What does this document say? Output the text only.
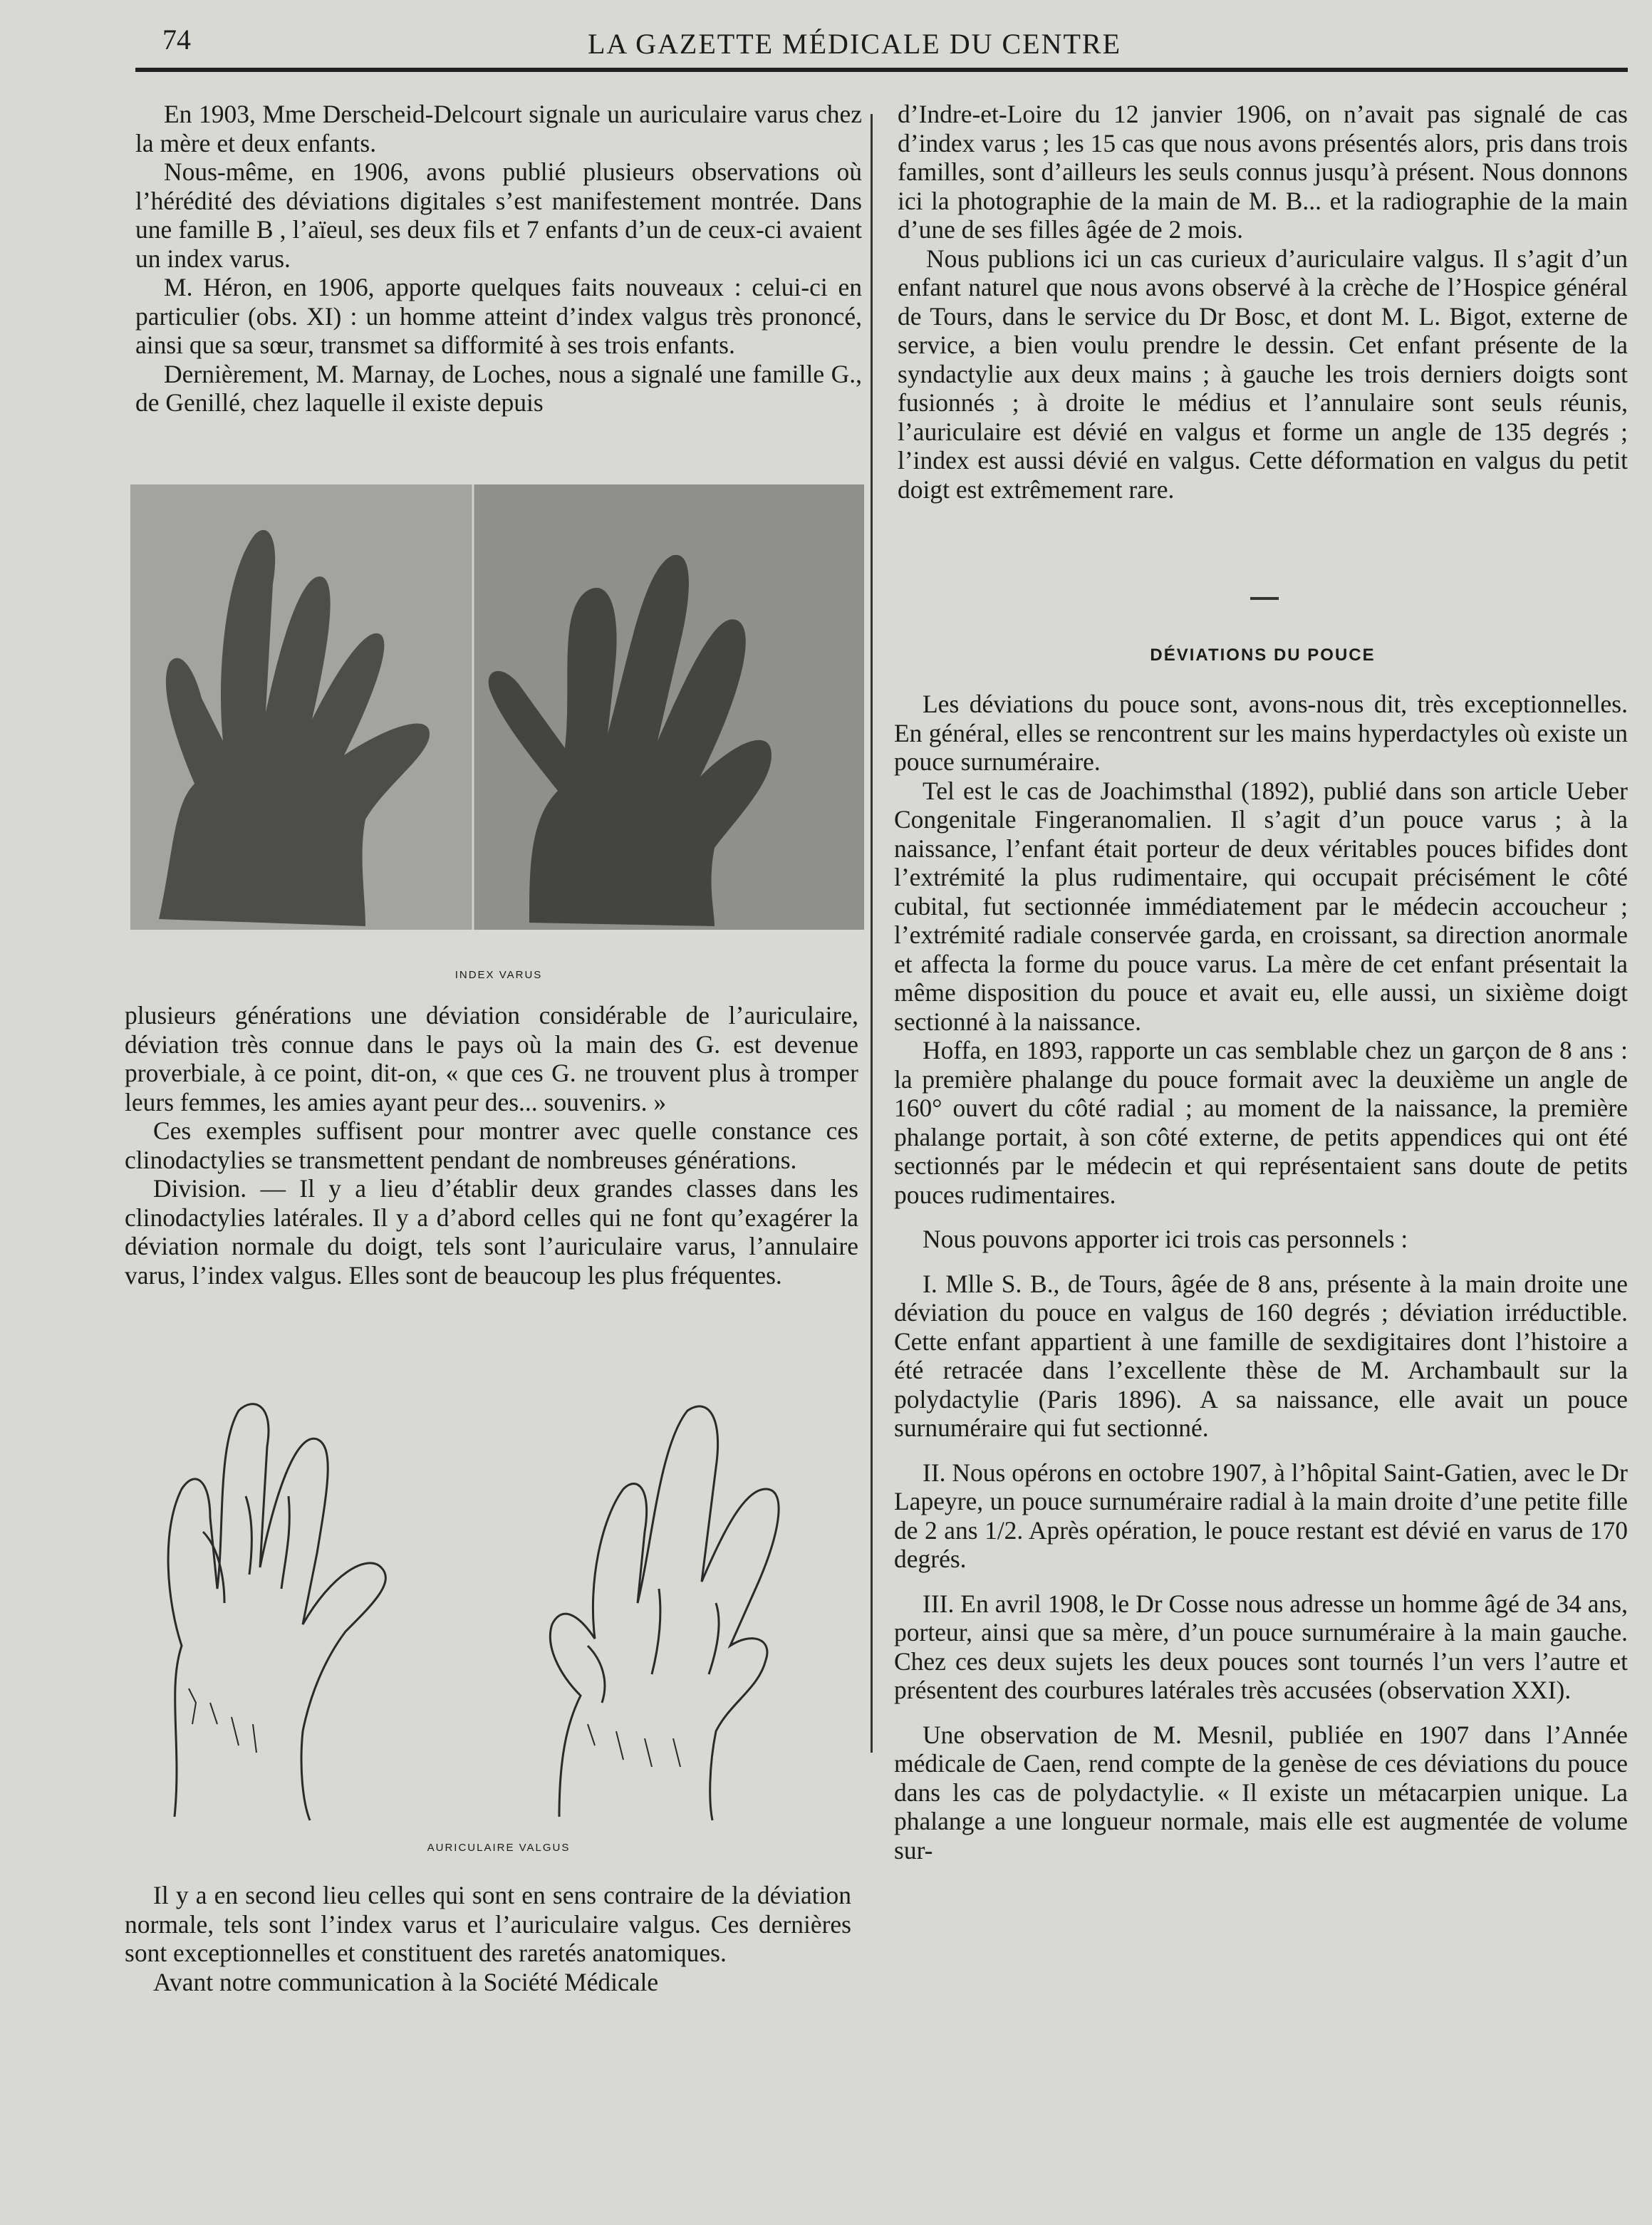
74	LA GAZETTE MÉDICALE DU CENTRE

En 1903, Mme Derscheid-Delcourt signale un auriculaire varus chez la mère et deux enfants.

Nous-même, en 1906, avons publié plusieurs observations où l’hérédité des déviations digitales s’est manifestement montrée. Dans une famille B , l’aïeul, ses deux fils et 7 enfants d’un de ceux-ci avaient un index varus.

M. Héron, en 1906, apporte quelques faits nouveaux : celui-ci en particulier (obs. XI) : un homme atteint d’index valgus très prononcé, ainsi que sa sœur, transmet sa difformité à ses trois enfants.

Dernièrement, M. Marnay, de Loches, nous a signalé une famille G., de Genillé, chez laquelle il existe depuis

INDEX VARUS

plusieurs générations une déviation considérable de l’auriculaire, déviation très connue dans le pays où la main des G. est devenue proverbiale, à ce point, dit-on, « que ces G. ne trouvent plus à tromper leurs femmes, les amies ayant peur des... souvenirs. »

Ces exemples suffisent pour montrer avec quelle constance ces clinodactylies se transmettent pendant de nombreuses générations.

Division. — Il y a lieu d’établir deux grandes classes dans les clinodactylies latérales. Il y a d’abord celles qui ne font qu’exagérer la déviation normale du doigt, tels sont l’auriculaire varus, l’annulaire varus, l’index valgus. Elles sont de beaucoup les plus fréquentes.

AURICULAIRE VALGUS

Il y a en second lieu celles qui sont en sens contraire de la déviation normale, tels sont l’index varus et l’auriculaire valgus. Ces dernières sont exceptionnelles et constituent des raretés anatomiques.

Avant notre communication à la Société Médicale

d’Indre-et-Loire du 12 janvier 1906, on n’avait pas signalé de cas d’index varus ; les 15 cas que nous avons présentés alors, pris dans trois familles, sont d’ailleurs les seuls connus jusqu’à présent. Nous donnons ici la photographie de la main de M. B... et la radiographie de la main d’une de ses filles âgée de 2 mois.

Nous publions ici un cas curieux d’auriculaire valgus. Il s’agit d’un enfant naturel que nous avons observé à la crèche de l’Hospice général de Tours, dans le service du Dr Bosc, et dont M. L. Bigot, externe de service, a bien voulu prendre le dessin. Cet enfant présente de la syndactylie aux deux mains ; à gauche les trois derniers doigts sont fusionnés ; à droite le médius et l’annulaire sont seuls réunis, l’auriculaire est dévié en valgus et forme un angle de 135 degrés ; l’index est aussi dévié en valgus. Cette déformation en valgus du petit doigt est extrêmement rare.

DÉVIATIONS DU POUCE

Les déviations du pouce sont, avons-nous dit, très exceptionnelles. En général, elles se rencontrent sur les mains hyperdactyles où existe un pouce surnuméraire.

Tel est le cas de Joachimsthal (1892), publié dans son article Ueber Congenitale Fingeranomalien. Il s’agit d’un pouce varus ; à la naissance, l’enfant était porteur de deux véritables pouces bifides dont l’extrémité la plus rudimentaire, qui occupait précisément le côté cubital, fut sectionnée immédiatement par le médecin accoucheur ; l’extrémité radiale conservée garda, en croissant, sa direction anormale et affecta la forme du pouce varus. La mère de cet enfant présentait la même disposition du pouce et avait eu, elle aussi, un sixième doigt sectionné à la naissance.

Hoffa, en 1893, rapporte un cas semblable chez un garçon de 8 ans : la première phalange du pouce formait avec la deuxième un angle de 160° ouvert du côté radial ; au moment de la naissance, la première phalange portait, à son côté externe, de petits appendices qui ont été sectionnés par le médecin et qui représentaient sans doute de petits pouces rudimentaires.

Nous pouvons apporter ici trois cas personnels :

I. Mlle S. B., de Tours, âgée de 8 ans, présente à la main droite une déviation du pouce en valgus de 160 degrés ; déviation irréductible. Cette enfant appartient à une famille de sexdigitaires dont l’histoire a été retracée dans l’excellente thèse de M. Archambault sur la polydactylie (Paris 1896). A sa naissance, elle avait un pouce surnuméraire qui fut sectionné.

II. Nous opérons en octobre 1907, à l’hôpital Saint-Gatien, avec le Dr Lapeyre, un pouce surnuméraire radial à la main droite d’une petite fille de 2 ans 1/2. Après opération, le pouce restant est dévié en varus de 170 degrés.

III. En avril 1908, le Dr Cosse nous adresse un homme âgé de 34 ans, porteur, ainsi que sa mère, d’un pouce surnuméraire à la main gauche. Chez ces deux sujets les deux pouces sont tournés l’un vers l’autre et présentent des courbures latérales très accusées (observation XXI).

Une observation de M. Mesnil, publiée en 1907 dans l’Année médicale de Caen, rend compte de la genèse de ces déviations du pouce dans les cas de polydactylie. « Il existe un métacarpien unique. La phalange a une longueur normale, mais elle est augmentée de volume sur-
